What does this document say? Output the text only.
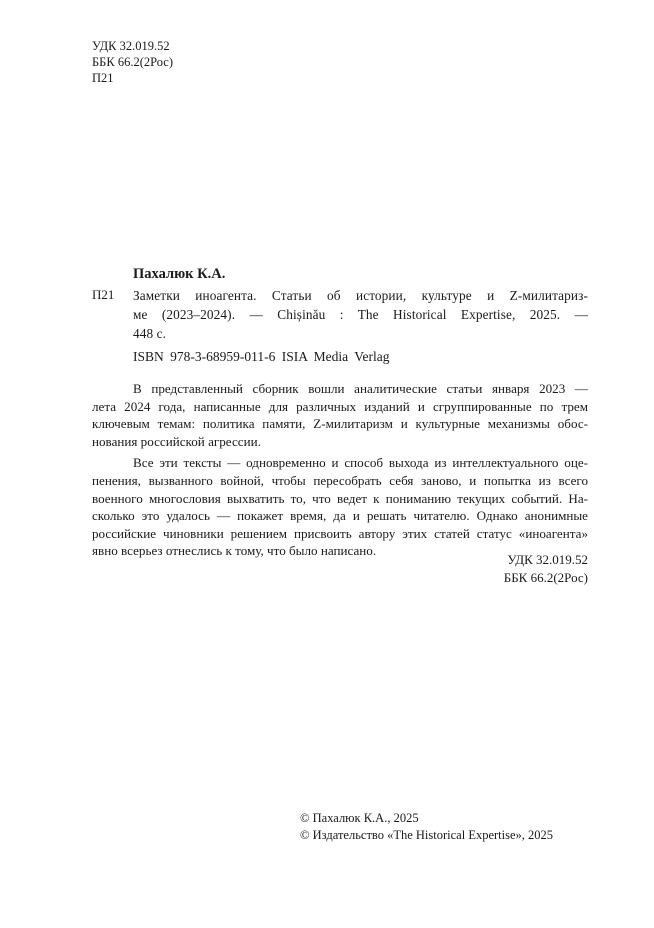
УДК 32.019.52
ББК 66.2(2Рос)
П21
Пахалюк К.А.
П21 Заметки иноагента. Статьи об истории, культуре и Z-милитариз-
ме (2023–2024). — Chișinău : The Historical Expertise, 2025. —
448 с.
ISBN 978-3-68959-011-6 ISIA Media Verlag

В представленный сборник вошли аналитические статьи января 2023 —
лета 2024 года, написанные для различных изданий и сгруппированные по трем
ключевым темам: политика памяти, Z-милитаризм и культурные механизмы обос-
нования российской агрессии.

Все эти тексты — одновременно и способ выхода из интеллектуального оце-
пенения, вызванного войной, чтобы пересобрать себя заново, и попытка из всего
военного многословия выхватить то, что ведет к пониманию текущих событий. На-
сколько это удалось — покажет время, да и решать читателю. Однако анонимные
российские чиновники решением присвоить автору этих статей статус «иноагента»
явно всерьез отнеслись к тому, что было написано.

УДК 32.019.52
ББК 66.2(2Рос)
© Пахалюк К.А., 2025
© Издательство «The Historical Expertise», 2025
